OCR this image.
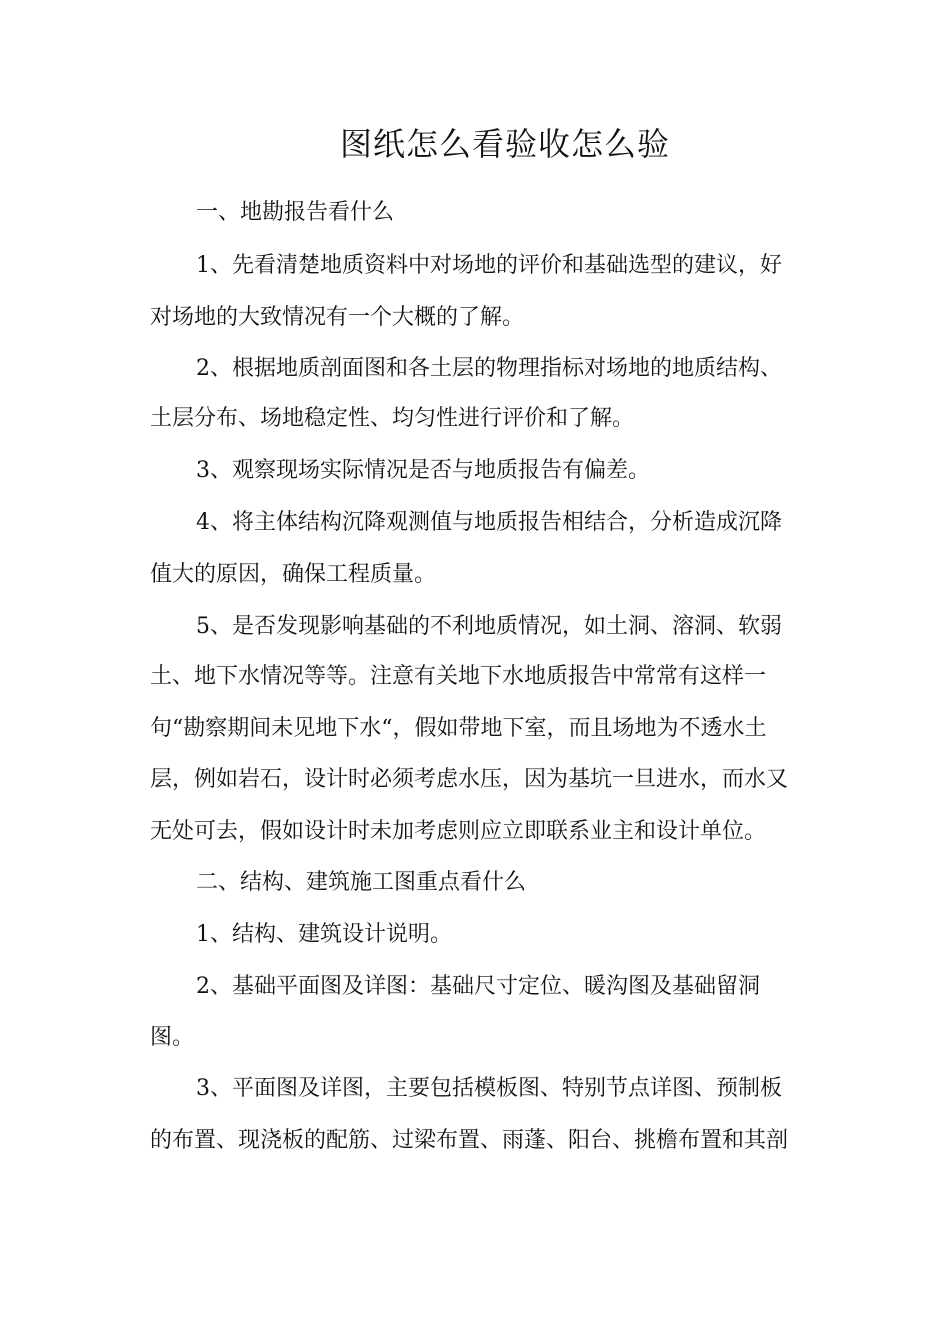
图纸怎么看验收怎么验
一、地勘报告看什么
1、先看清楚地质资料中对场地的评价和基础选型的建议，好
对场地的大致情况有一个大概的了解。
2、根据地质剖面图和各土层的物理指标对场地的地质结构、
土层分布、场地稳定性、均匀性进行评价和了解。
3、观察现场实际情况是否与地质报告有偏差。
4、将主体结构沉降观测值与地质报告相结合，分析造成沉降
值大的原因，确保工程质量。
5、是否发现影响基础的不利地质情况，如土洞、溶洞、软弱
土、地下水情况等等。注意有关地下水地质报告中常常有这样一
句“勘察期间未见地下水“，假如带地下室，而且场地为不透水土
层，例如岩石，设计时必须考虑水压，因为基坑一旦进水，而水又
无处可去，假如设计时未加考虑则应立即联系业主和设计单位。
二、结构、建筑施工图重点看什么
1、结构、建筑设计说明。
2、基础平面图及详图：基础尺寸定位、暖沟图及基础留洞
图。
3、平面图及详图，主要包括模板图、特别节点详图、预制板
的布置、现浇板的配筋、过梁布置、雨蓬、阳台、挑檐布置和其剖
